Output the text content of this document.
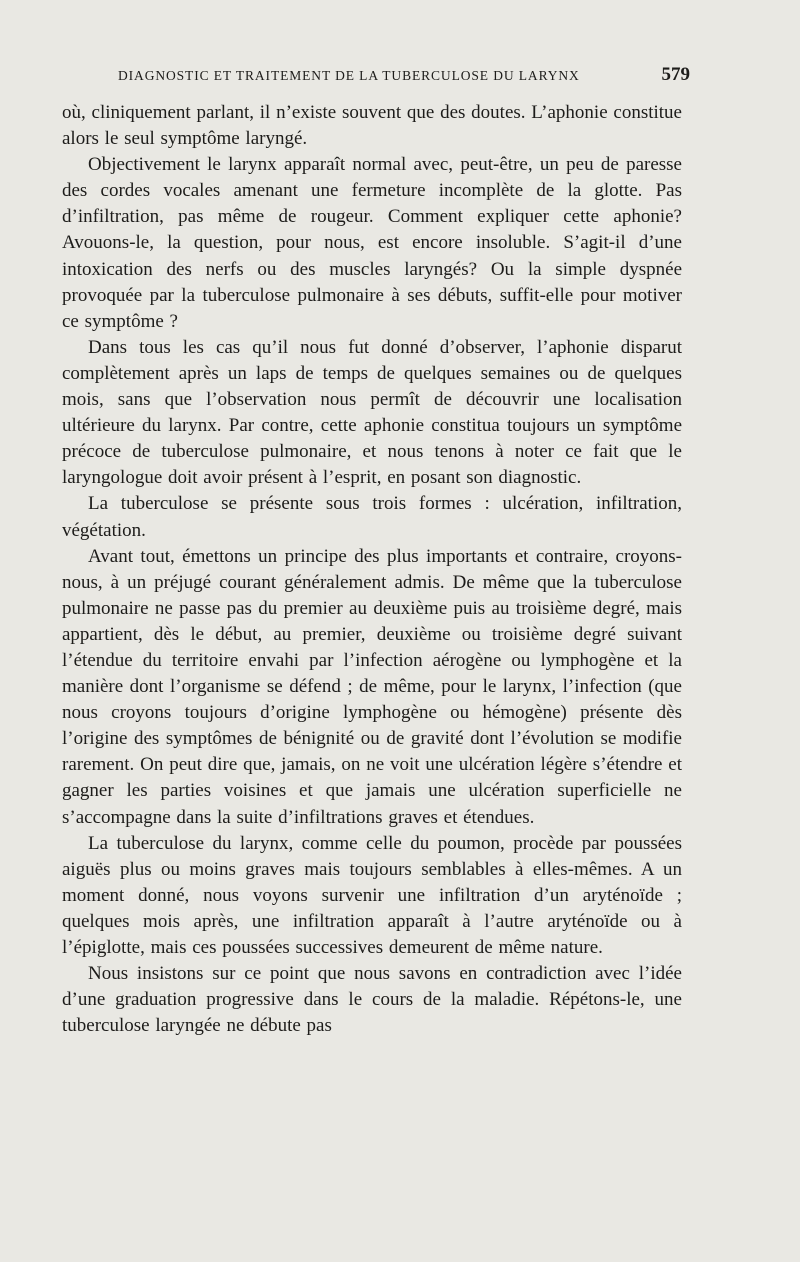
DIAGNOSTIC ET TRAITEMENT DE LA TUBERCULOSE DU LARYNX	579

où, cliniquement parlant, il n’existe souvent que des doutes. L’aphonie constitue alors le seul symptôme laryngé.

Objectivement le larynx apparaît normal avec, peut-être, un peu de paresse des cordes vocales amenant une fermeture incomplète de la glotte. Pas d’infiltration, pas même de rougeur. Comment expliquer cette aphonie? Avouons-le, la question, pour nous, est encore insoluble. S’agit-il d’une intoxication des nerfs ou des muscles laryngés? Ou la simple dyspnée provoquée par la tuberculose pulmonaire à ses débuts, suffit-elle pour motiver ce symptôme ?

Dans tous les cas qu’il nous fut donné d’observer, l’aphonie disparut complètement après un laps de temps de quelques semaines ou de quelques mois, sans que l’observation nous permît de découvrir une localisation ultérieure du larynx. Par contre, cette aphonie constitua toujours un symptôme précoce de tuberculose pulmonaire, et nous tenons à noter ce fait que le laryngologue doit avoir présent à l’esprit, en posant son diagnostic.

La tuberculose se présente sous trois formes : ulcération, infiltration, végétation.

Avant tout, émettons un principe des plus importants et contraire, croyons-nous, à un préjugé courant généralement admis. De même que la tuberculose pulmonaire ne passe pas du premier au deuxième puis au troisième degré, mais appartient, dès le début, au premier, deuxième ou troisième degré suivant l’étendue du territoire envahi par l’infection aérogène ou lymphogène et la manière dont l’organisme se défend ; de même, pour le larynx, l’infection (que nous croyons toujours d’origine lymphogène ou hémogène) présente dès l’origine des symptômes de bénignité ou de gravité dont l’évolution se modifie rarement. On peut dire que, jamais, on ne voit une ulcération légère s’étendre et gagner les parties voisines et que jamais une ulcération superficielle ne s’accompagne dans la suite d’infiltrations graves et étendues.

La tuberculose du larynx, comme celle du poumon, procède par poussées aiguës plus ou moins graves mais toujours semblables à elles-mêmes. A un moment donné, nous voyons survenir une infiltration d’un aryténoïde ; quelques mois après, une infiltration apparaît à l’autre aryténoïde ou à l’épiglotte, mais ces poussées successives demeurent de même nature.

Nous insistons sur ce point que nous savons en contradiction avec l’idée d’une graduation progressive dans le cours de la maladie. Répétons-le, une tuberculose laryngée ne débute pas
